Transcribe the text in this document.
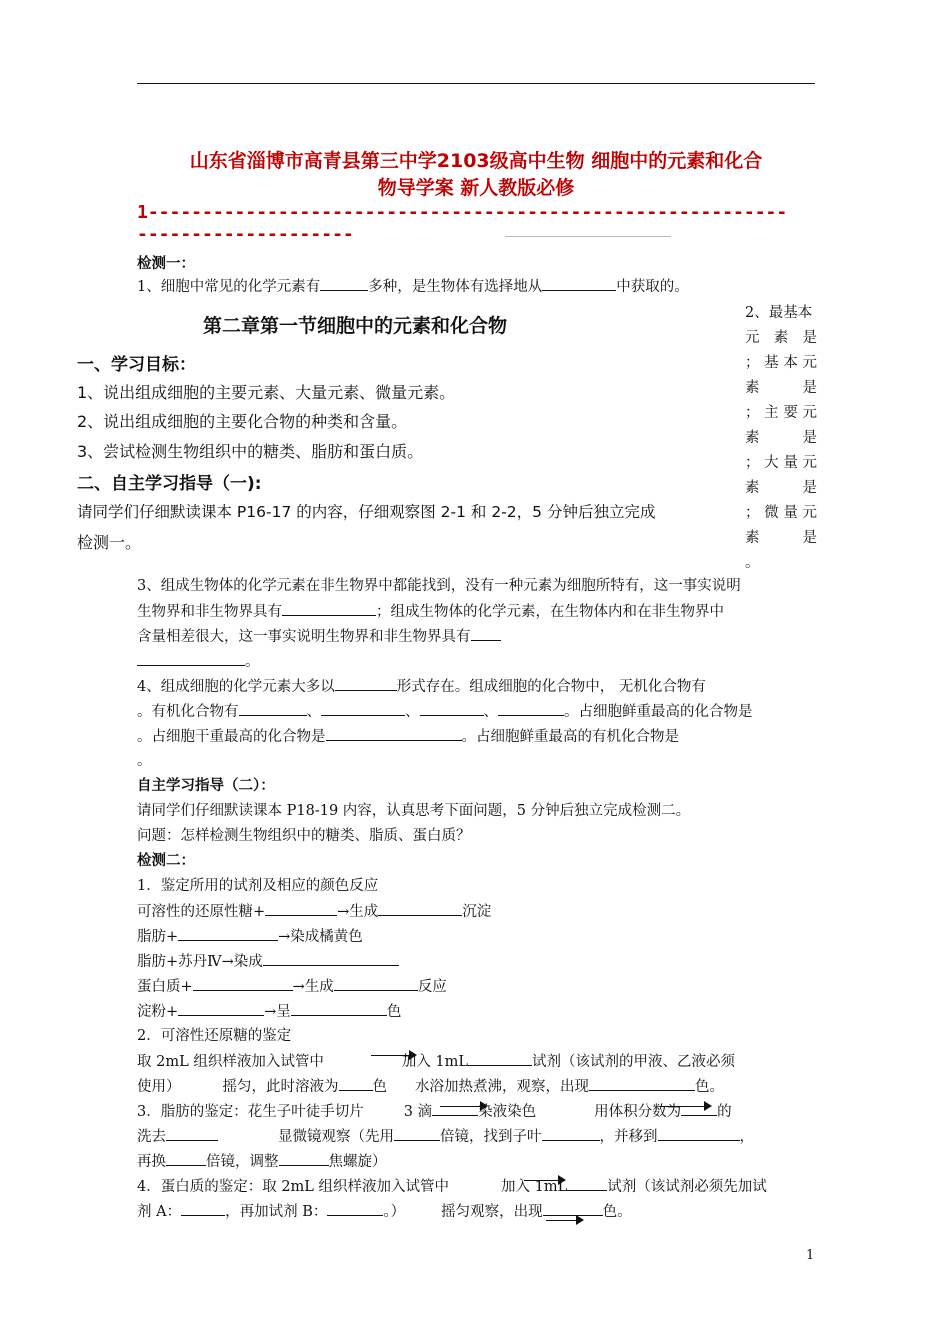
山东省淄博市高青县第三中学2103级高中生物 细胞中的元素和化合
物导学案 新人教版必修
1-----------------------------------------------------------
--------------------
检测一：
1、细胞中常见的化学元素有	多种，是生物体有选择地从	中获取的。
第二章第一节细胞中的元素和化合物
2、最基本
元 素 是
；基本元
素 是
；主要元
素 是
；大量元
素 是
；微量元
素 是
。
一、学习目标：
1、说出组成细胞的主要元素、大量元素、微量元素。
2、说出组成细胞的主要化合物的种类和含量。
3、尝试检测生物组织中的糖类、脂肪和蛋白质。
二、自主学习指导（一):
请同学们仔细默读课本 P16-17 的内容，仔细观察图 2-1 和 2-2，5 分钟后独立完成
检测一。
3、组成生物体的化学元素在非生物界中都能找到，没有一种元素为细胞所特有，这一事实说明
生物界和非生物界具有	；组成生物体的化学元素，在生物体内和在非生物界中
含量相差很大，这一事实说明生物界和非生物界具有
。
4、组成细胞的化学元素大多以	形式存在。组成细胞的化合物中， 无机化合物有
。有机化合物有	、	、	、	。占细胞鲜重最高的化合物是
。占细胞干重最高的化合物是	。占细胞鲜重最高的有机化合物是
。
自主学习指导（二）：
请同学们仔细默读课本 P18-19 内容，认真思考下面问题，5 分钟后独立完成检测二。
问题：怎样检测生物组织中的糖类、脂质、蛋白质？
检测二：
1．鉴定所用的试剂及相应的颜色反应
可溶性的还原性糖+	→生成	沉淀
脂肪+	→染成橘黄色
脂肪+苏丹Ⅳ→染成
蛋白质+	→生成	反应
淀粉+	→呈	色
2．可溶性还原糖的鉴定
取 2mL 组织样液加入试管中	加入 1mL	试剂（该试剂的甲液、乙液必须
使用）	摇匀，此时溶液为 色 水浴加热煮沸，观察，出现	色。
3．脂肪的鉴定：花生子叶徒手切片	3 滴	染液染色	用体积分数为 的
洗去	显微镜观察（先用	倍镜，找到子叶	，并移到	，
再换	倍镜，调整	焦螺旋）
4．蛋白质的鉴定：取 2mL 组织样液加入试管中	加入 1mL	试剂（该试剂必须先加试
剂 A：	，再加试剂 B：	。） 摇匀观察，出现	色。
1
